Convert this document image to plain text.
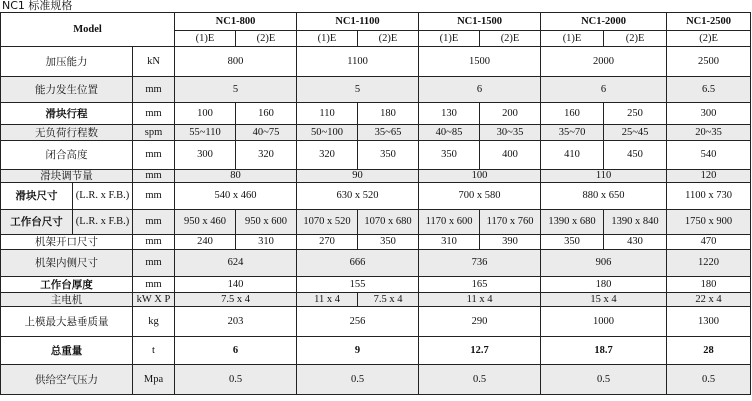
NC1 标准规格
Model			NC1-800		NC1-1100		NC1-1500		NC1-2000		NC1-2500
			(1)E	(2)E	(1)E	(2)E	(1)E	(2)E	(1)E	(2)E	(2)E
加压能力		kN	800		1100		1500		2000		2500
能力发生位置		mm	5		5		6		6		6.5
滑块行程		mm	100	160	110	180	130	200	160	250	300
无负荷行程数		spm	55~110	40~75	50~100	35~65	40~85	30~35	35~70	25~45	20~35
闭合高度		mm	300	320	320	350	350	400	410	450	540
滑块调节量		mm	80		90		100		110		120
滑块尺寸	(L.R. x F.B.)	mm	540 x 460		630 x 520		700 x 580		880 x 650		1100 x 730
工作台尺寸	(L.R. x F.B.)	mm	950 x 460	950 x 600	1070 x 520	1070 x 680	1170 x 600	1170 x 760	1390 x 680	1390 x 840	1750 x 900
机架开口尺寸		mm	240	310	270	350	310	390	350	430	470
机架内侧尺寸		mm	624		666		736		906		1220
工作台厚度		mm	140		155		165		180		180
主电机		kW X P	7.5 x 4		11 x 4	7.5 x 4	11 x 4		15 x 4		22 x 4
上模最大悬垂质量		kg	203		256		290		1000		1300
总重量		t	6		9		12.7		18.7		28
供给空气压力		Mpa	0.5		0.5		0.5		0.5		0.5
